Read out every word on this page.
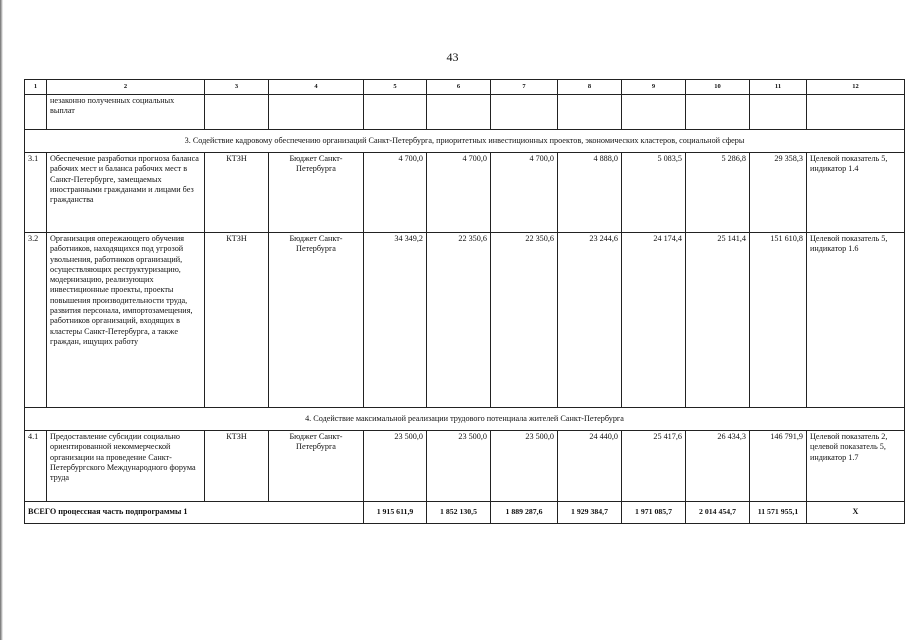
43
1	2	3	4	5	6	7	8	9	10	11	12
	незаконно полученных социальных выплат										
3. Содействие кадровому обеспечению организаций Санкт-Петербурга, приоритетных инвестиционных проектов, экономических кластеров, социальной сферы											
3.1	Обеспечение разработки прогноза баланса рабочих мест и баланса рабочих мест в Санкт-Петербурге, замещаемых иностранными гражданами и лицами без гражданства	КТЗН	Бюджет Санкт-Петербурга	4 700,0	4 700,0	4 700,0	4 888,0	5 083,5	5 286,8	29 358,3	Целевой показатель 5, индикатор 1.4
3.2	Организация опережающего обучения работников, находящихся под угрозой увольнения, работников организаций, осуществляющих реструктуризацию, модернизацию, реализующих инвестиционные проекты, проекты повышения производительности труда, развития персонала, импортозамещения, работников организаций, входящих в кластеры Санкт-Петербурга, а также граждан, ищущих работу	КТЗН	Бюджет Санкт-Петербурга	34 349,2	22 350,6	22 350,6	23 244,6	24 174,4	25 141,4	151 610,8	Целевой показатель 5, индикатор 1.6
4. Содействие максимальной реализации трудового потенциала жителей Санкт-Петербурга											
4.1	Предоставление субсидии социально ориентированной некоммерческой организации на проведение Санкт-Петербургского Международного форума труда	КТЗН	Бюджет Санкт-Петербурга	23 500,0	23 500,0	23 500,0	24 440,0	25 417,6	26 434,3	146 791,9	Целевой показатель 2, целевой показатель 5, индикатор 1.7
ВСЕГО процессная часть подпрограммы 1				1 915 611,9	1 852 130,5	1 889 287,6	1 929 384,7	1 971 085,7	2 014 454,7	11 571 955,1	Х
